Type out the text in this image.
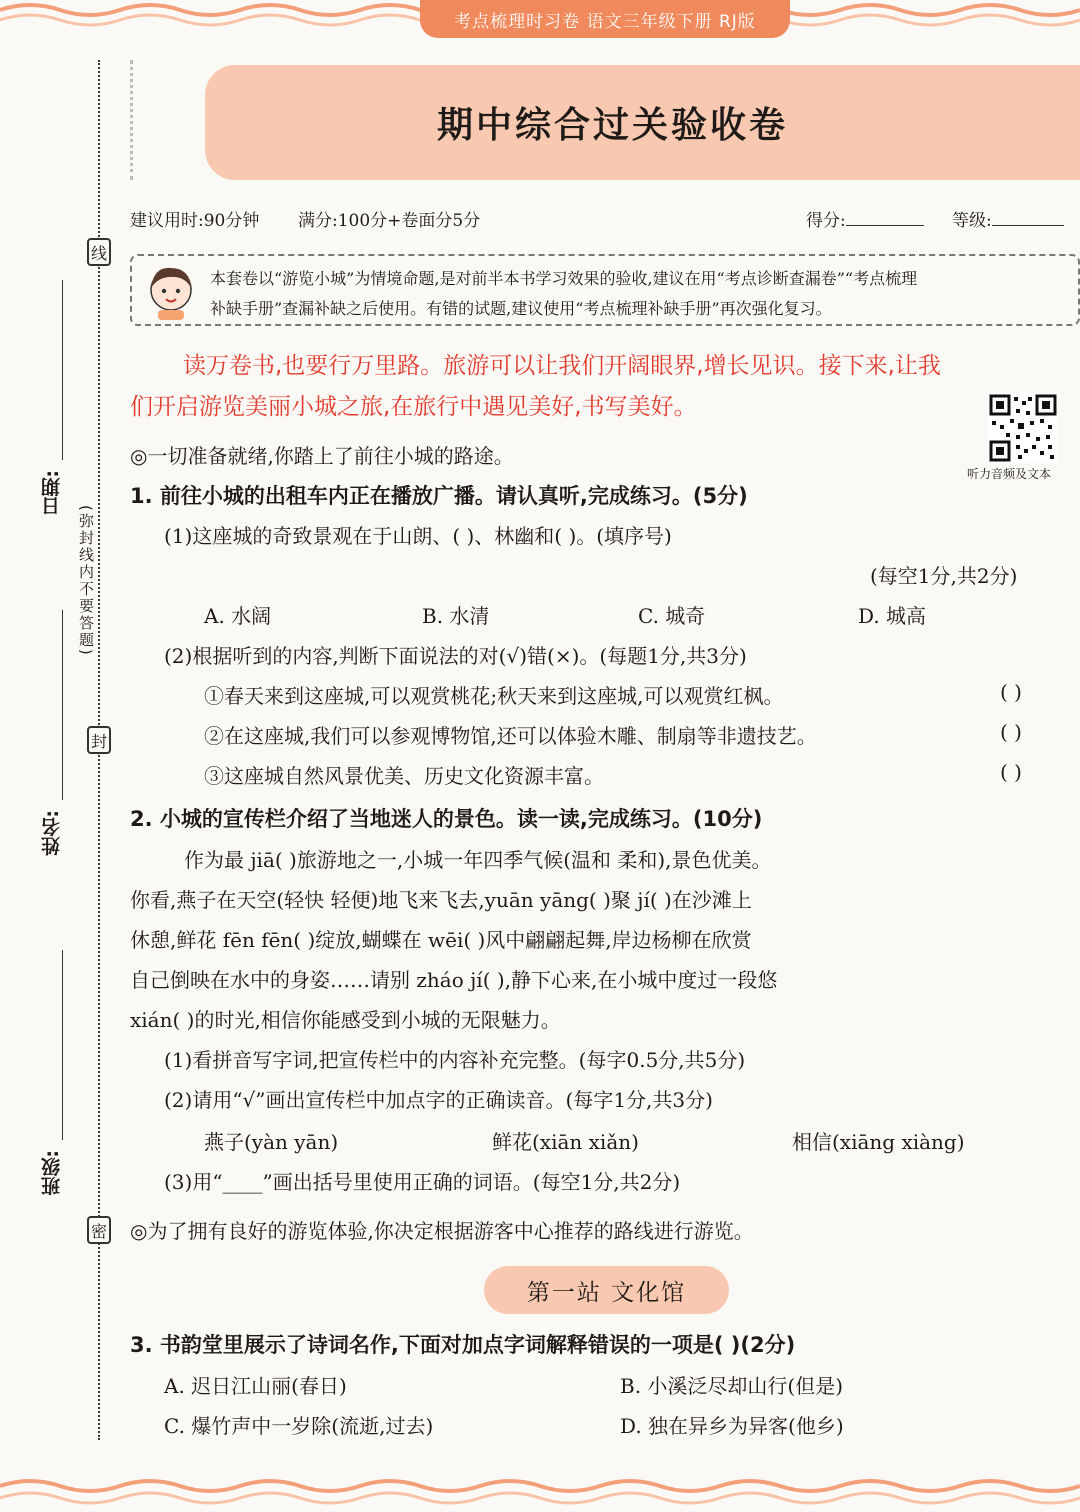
考点梳理时习卷 语文三年级下册 RJ版
线
封
密
日期:
姓名:
班级:
(弥封线内不要答题)
期中综合过关验收卷
建议用时:90分钟 满分:100分+卷面分5分	得分:	等级:
本套卷以“游览小城”为情境命题,是对前半本书学习效果的验收,建议在用“考点诊断查漏卷”“考点梳理
补缺手册”查漏补缺之后使用。有错的试题,建议使用“考点梳理补缺手册”再次强化复习。
读万卷书,也要行万里路。旅游可以让我们开阔眼界,增长见识。接下来,让我
们开启游览美丽小城之旅,在旅行中遇见美好,书写美好。
听力音频及文本
◎一切准备就绪,你踏上了前往小城的路途。
1. 前往小城的出租车内正在播放广播。请认真听,完成练习。(5分)
(1)这座城的奇致景观在于山朗、( )、林幽和( )。(填序号)
(每空1分,共2分)
A. 水阔	B. 水清	C. 城奇	D. 城高
(2)根据听到的内容,判断下面说法的对(√)错(×)。(每题1分,共3分)
①春天来到这座城,可以观赏桃花;秋天来到这座城,可以观赏红枫。	( )
②在这座城,我们可以参观博物馆,还可以体验木雕、制扇等非遗技艺。	( )
③这座城自然风景优美、历史文化资源丰富。	( )
2. 小城的宣传栏介绍了当地迷人的景色。读一读,完成练习。(10分)
作为最 jiā( )旅游地之一,小城一年四季气候(温和 柔和),景色优美。
你看,燕子在天空(轻快 轻便)地飞来飞去,yuān yāng( )聚 jí( )在沙滩上
休憩,鲜花 fēn fēn( )绽放,蝴蝶在 wēi( )风中翩翩起舞,岸边杨柳在欣赏
自己倒映在水中的身姿……请别 zháo jí( ),静下心来,在小城中度过一段悠
xián( )的时光,相信你能感受到小城的无限魅力。
(1)看拼音写字词,把宣传栏中的内容补充完整。(每字0.5分,共5分)
(2)请用“√”画出宣传栏中加点字的正确读音。(每字1分,共3分)
燕子(yàn yān)	鲜花(xiān xiǎn)	相信(xiāng xiàng)
(3)用“____”画出括号里使用正确的词语。(每空1分,共2分)
◎为了拥有良好的游览体验,你决定根据游客中心推荐的路线进行游览。
第一站 文化馆
3. 书韵堂里展示了诗词名作,下面对加点字词解释错误的一项是( )(2分)
A. 迟日江山丽(春日)	B. 小溪泛尽却山行(但是)
C. 爆竹声中一岁除(流逝,过去)	D. 独在异乡为异客(他乡)
